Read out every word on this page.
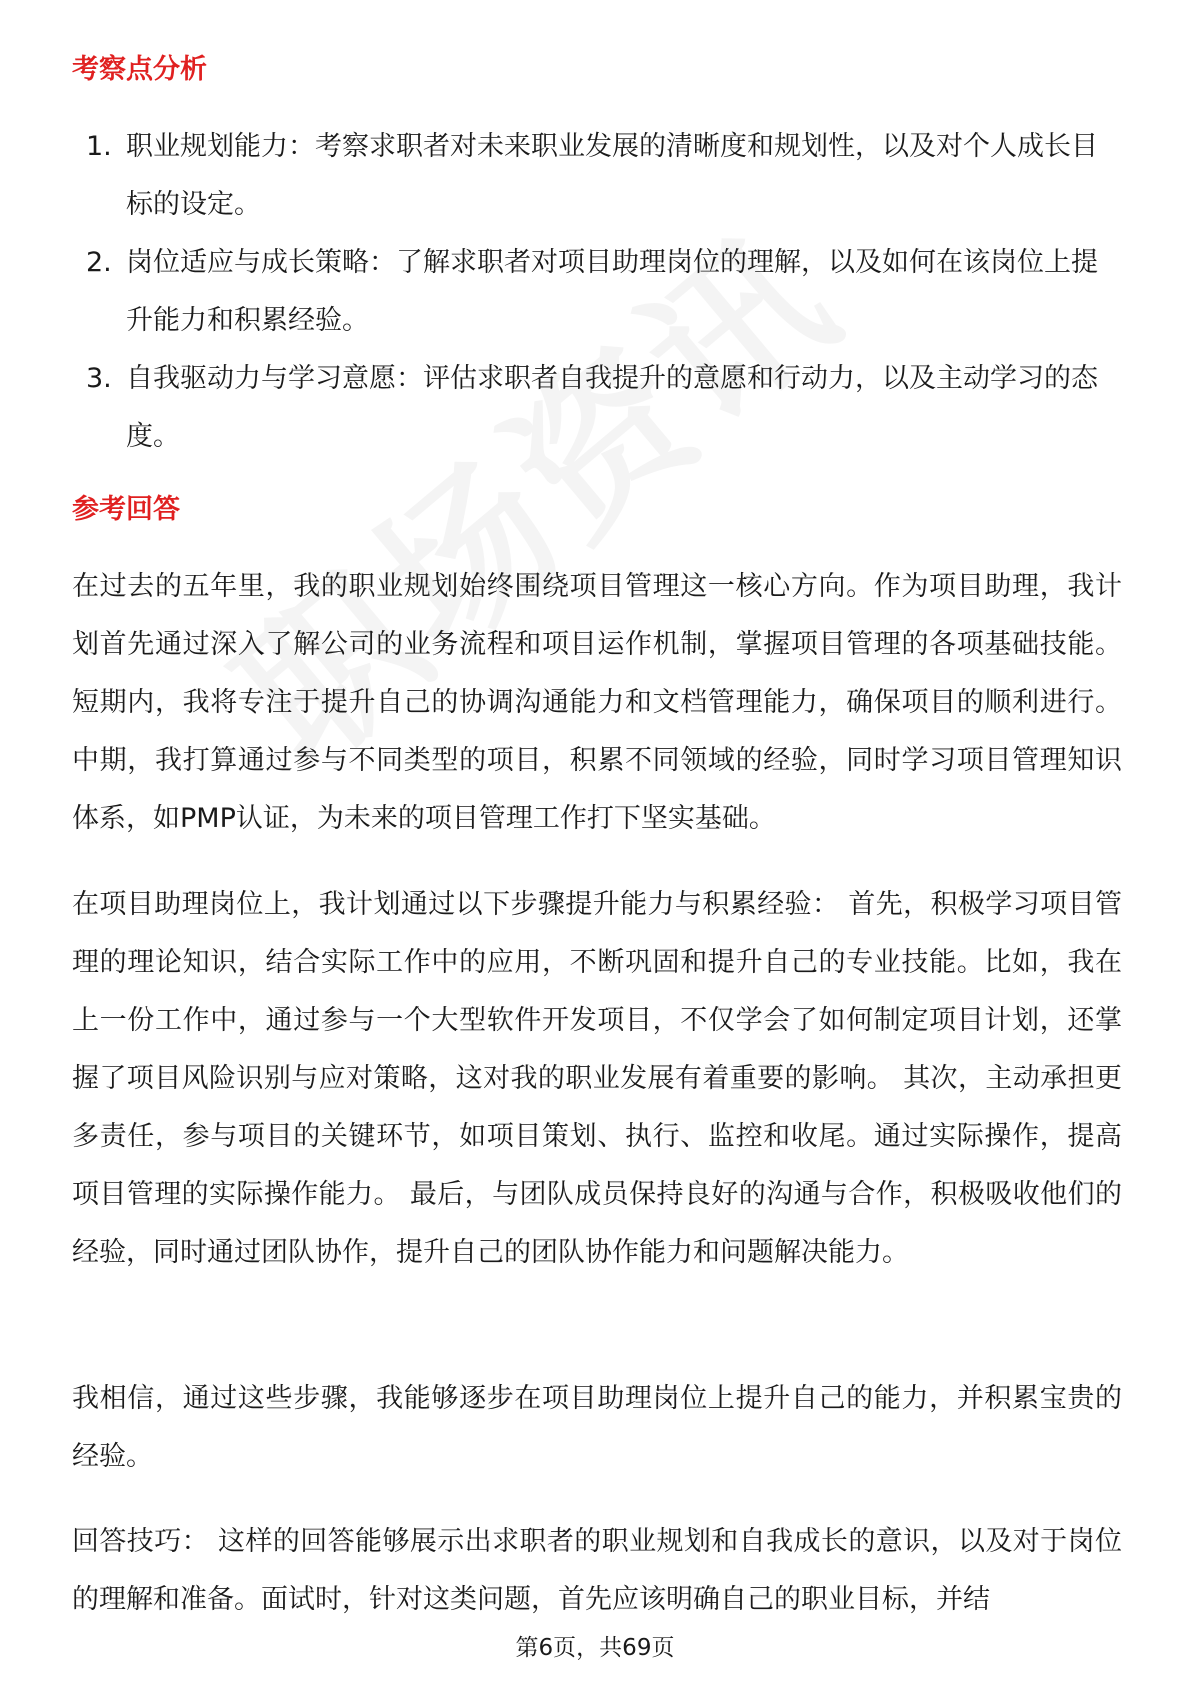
考察点分析
1. 职业规划能力：考察求职者对未来职业发展的清晰度和规划性，以及对个人成长目标的设定。
2. 岗位适应与成长策略：了解求职者对项目助理岗位的理解，以及如何在该岗位上提升能力和积累经验。
3. 自我驱动力与学习意愿：评估求职者自我提升的意愿和行动力，以及主动学习的态度。
参考回答

在过去的五年里，我的职业规划始终围绕项目管理这一核心方向。作为项目助理，我计划首先通过深入了解公司的业务流程和项目运作机制，掌握项目管理的各项基础技能。短期内，我将专注于提升自己的协调沟通能力和文档管理能力，确保项目的顺利进行。中期，我打算通过参与不同类型的项目，积累不同领域的经验，同时学习项目管理知识体系，如PMP认证，为未来的项目管理工作打下坚实基础。

在项目助理岗位上，我计划通过以下步骤提升能力与积累经验： 首先，积极学习项目管理的理论知识，结合实际工作中的应用，不断巩固和提升自己的专业技能。比如，我在上一份工作中，通过参与一个大型软件开发项目，不仅学会了如何制定项目计划，还掌握了项目风险识别与应对策略，这对我的职业发展有着重要的影响。 其次，主动承担更多责任，参与项目的关键环节，如项目策划、执行、监控和收尾。通过实际操作，提高项目管理的实际操作能力。 最后，与团队成员保持良好的沟通与合作，积极吸收他们的经验，同时通过团队协作，提升自己的团队协作能力和问题解决能力。

我相信，通过这些步骤，我能够逐步在项目助理岗位上提升自己的能力，并积累宝贵的经验。

回答技巧： 这样的回答能够展示出求职者的职业规划和自我成长的意识，以及对于岗位的理解和准备。面试时，针对这类问题，首先应该明确自己的职业目标，并结

第6页，共69页
